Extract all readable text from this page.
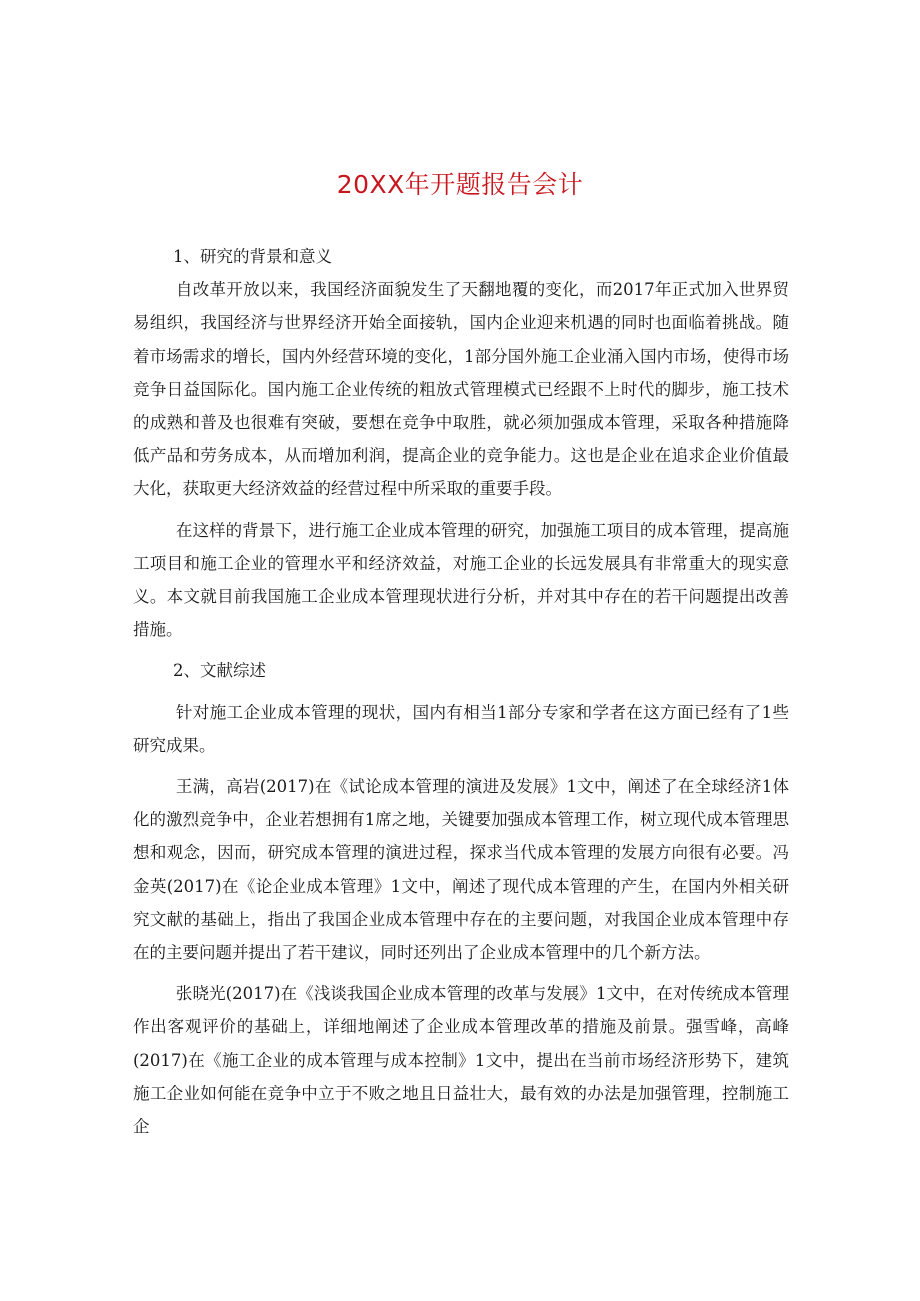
20XX年开题报告会计

1、研究的背景和意义

自改革开放以来，我国经济面貌发生了天翻地覆的变化，而2017年正式加入世界贸易组织，我国经济与世界经济开始全面接轨，国内企业迎来机遇的同时也面临着挑战。随着市场需求的增长，国内外经营环境的变化，1部分国外施工企业涌入国内市场，使得市场竞争日益国际化。国内施工企业传统的粗放式管理模式已经跟不上时代的脚步，施工技术的成熟和普及也很难有突破，要想在竞争中取胜，就必须加强成本管理，采取各种措施降低产品和劳务成本，从而增加利润，提高企业的竞争能力。这也是企业在追求企业价值最大化，获取更大经济效益的经营过程中所采取的重要手段。

在这样的背景下，进行施工企业成本管理的研究，加强施工项目的成本管理，提高施工项目和施工企业的管理水平和经济效益，对施工企业的长远发展具有非常重大的现实意义。本文就目前我国施工企业成本管理现状进行分析，并对其中存在的若干问题提出改善措施。

2、文献综述

针对施工企业成本管理的现状，国内有相当1部分专家和学者在这方面已经有了1些研究成果。

王满，高岩(2017)在《试论成本管理的演进及发展》1文中，阐述了在全球经济1体化的激烈竞争中，企业若想拥有1席之地，关键要加强成本管理工作，树立现代成本管理思想和观念，因而，研究成本管理的演进过程，探求当代成本管理的发展方向很有必要。冯金英(2017)在《论企业成本管理》1文中，阐述了现代成本管理的产生，在国内外相关研究文献的基础上，指出了我国企业成本管理中存在的主要问题，对我国企业成本管理中存在的主要问题并提出了若干建议，同时还列出了企业成本管理中的几个新方法。

张晓光(2017)在《浅谈我国企业成本管理的改革与发展》1文中，在对传统成本管理作出客观评价的基础上，详细地阐述了企业成本管理改革的措施及前景。强雪峰，高峰(2017)在《施工企业的成本管理与成本控制》1文中，提出在当前市场经济形势下，建筑施工企业如何能在竞争中立于不败之地且日益壮大，最有效的办法是加强管理，控制施工企
